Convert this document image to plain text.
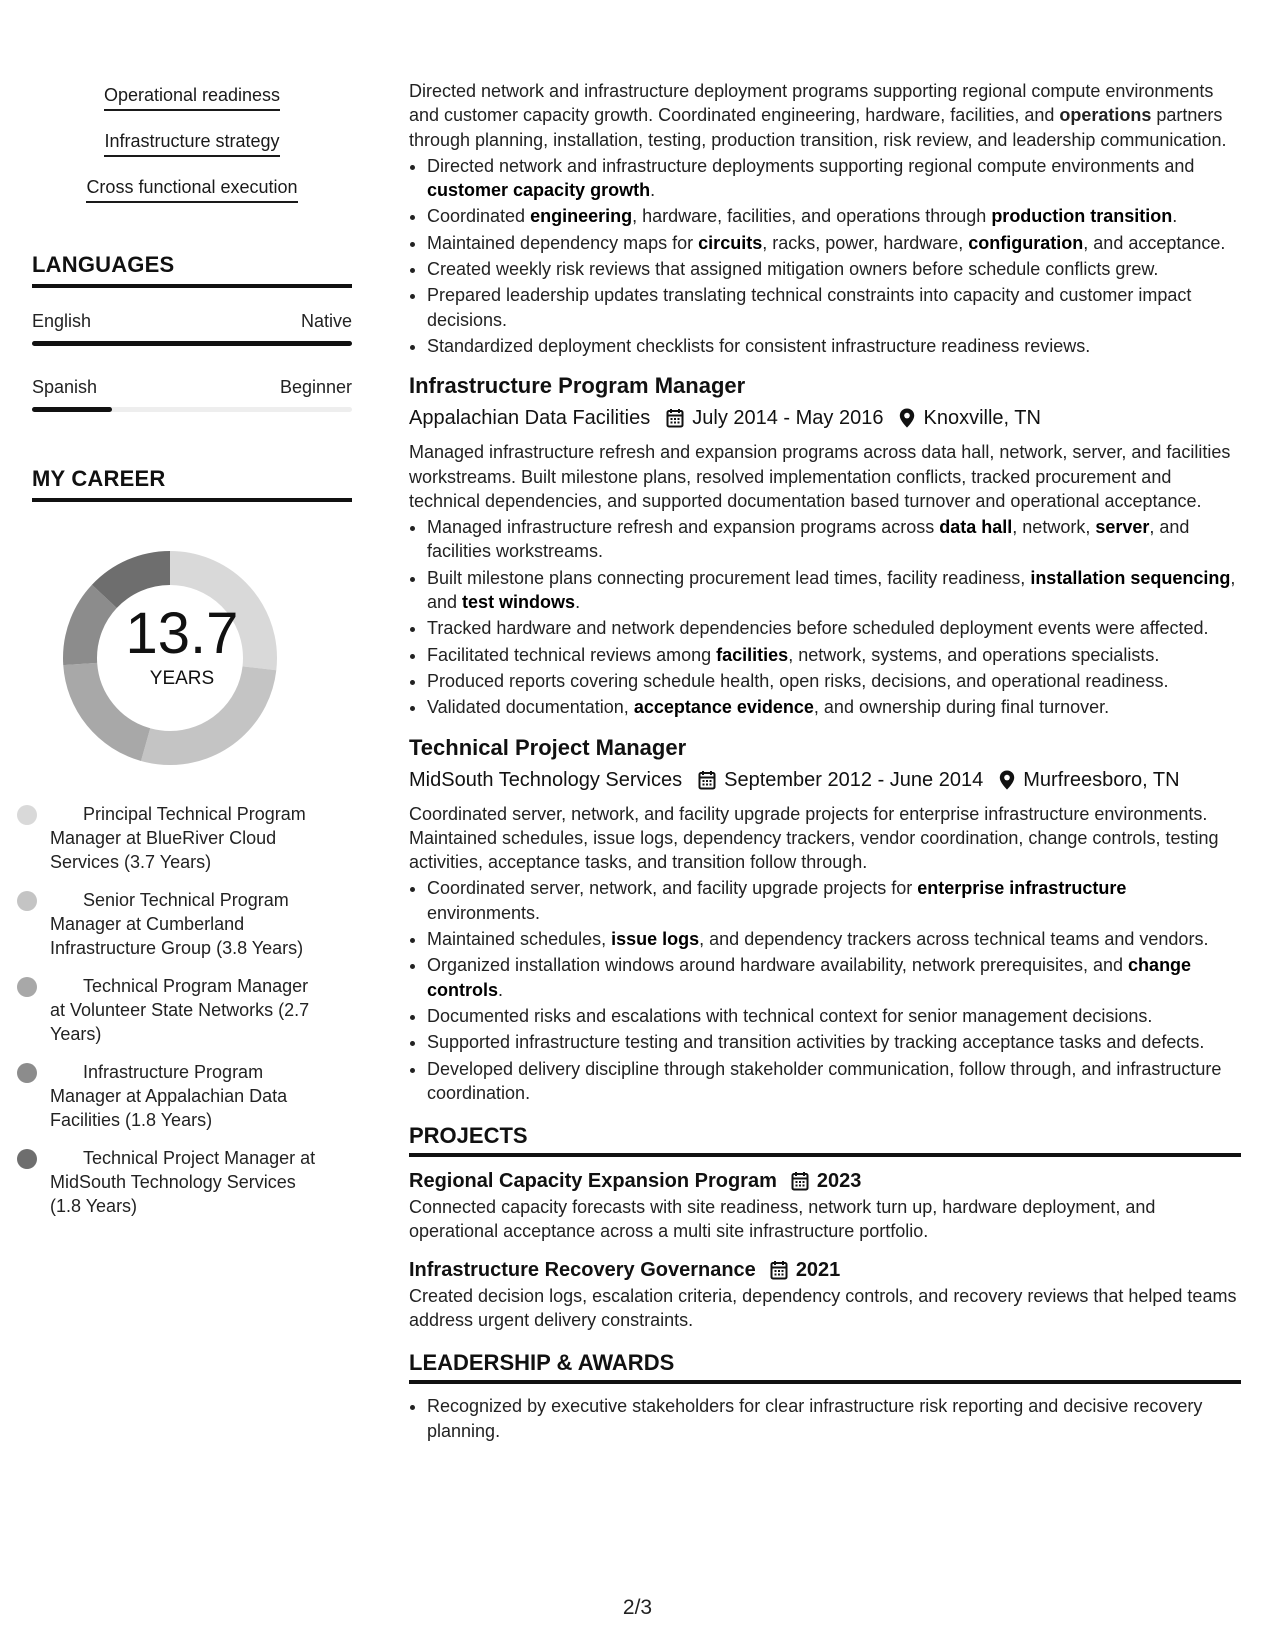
Operational readiness
Infrastructure strategy
Cross functional execution
LANGUAGES
English	Native
Spanish	Beginner
MY CAREER
13.7
YEARS
Principal Technical Program Manager at BlueRiver Cloud Services (3.7 Years)
Senior Technical Program Manager at Cumberland Infrastructure Group (3.8 Years)
Technical Program Manager at Volunteer State Networks (2.7 Years)
Infrastructure Program Manager at Appalachian Data Facilities (1.8 Years)
Technical Project Manager at MidSouth Technology Services (1.8 Years)

Directed network and infrastructure deployment programs supporting regional compute environments and customer capacity growth. Coordinated engineering, hardware, facilities, and operations partners through planning, installation, testing, production transition, risk review, and leadership communication.

• Directed network and infrastructure deployments supporting regional compute environments and customer capacity growth.
• Coordinated engineering, hardware, facilities, and operations through production transition.
• Maintained dependency maps for circuits, racks, power, hardware, configuration, and acceptance.
• Created weekly risk reviews that assigned mitigation owners before schedule conflicts grew.
• Prepared leadership updates translating technical constraints into capacity and customer impact decisions.
• Standardized deployment checklists for consistent infrastructure readiness reviews.
Infrastructure Program Manager
Appalachian Data Facilities July 2014 - May 2016 Knoxville, TN

Managed infrastructure refresh and expansion programs across data hall, network, server, and facilities workstreams. Built milestone plans, resolved implementation conflicts, tracked procurement and technical dependencies, and supported documentation based turnover and operational acceptance.

• Managed infrastructure refresh and expansion programs across data hall, network, server, and facilities workstreams.
• Built milestone plans connecting procurement lead times, facility readiness, installation sequencing, and test windows.
• Tracked hardware and network dependencies before scheduled deployment events were affected.
• Facilitated technical reviews among facilities, network, systems, and operations specialists.
• Produced reports covering schedule health, open risks, decisions, and operational readiness.
• Validated documentation, acceptance evidence, and ownership during final turnover.
Technical Project Manager
MidSouth Technology Services September 2012 - June 2014 Murfreesboro, TN

Coordinated server, network, and facility upgrade projects for enterprise infrastructure environments. Maintained schedules, issue logs, dependency trackers, vendor coordination, change controls, testing activities, acceptance tasks, and transition follow through.

• Coordinated server, network, and facility upgrade projects for enterprise infrastructure environments.
• Maintained schedules, issue logs, and dependency trackers across technical teams and vendors.
• Organized installation windows around hardware availability, network prerequisites, and change controls.
• Documented risks and escalations with technical context for senior management decisions.
• Supported infrastructure testing and transition activities by tracking acceptance tasks and defects.
• Developed delivery discipline through stakeholder communication, follow through, and infrastructure coordination.
PROJECTS
Regional Capacity Expansion Program 2023

Connected capacity forecasts with site readiness, network turn up, hardware deployment, and operational acceptance across a multi site infrastructure portfolio.

Infrastructure Recovery Governance 2021

Created decision logs, escalation criteria, dependency controls, and recovery reviews that helped teams address urgent delivery constraints.

LEADERSHIP & AWARDS
• Recognized by executive stakeholders for clear infrastructure risk reporting and decisive recovery planning.
2/3
